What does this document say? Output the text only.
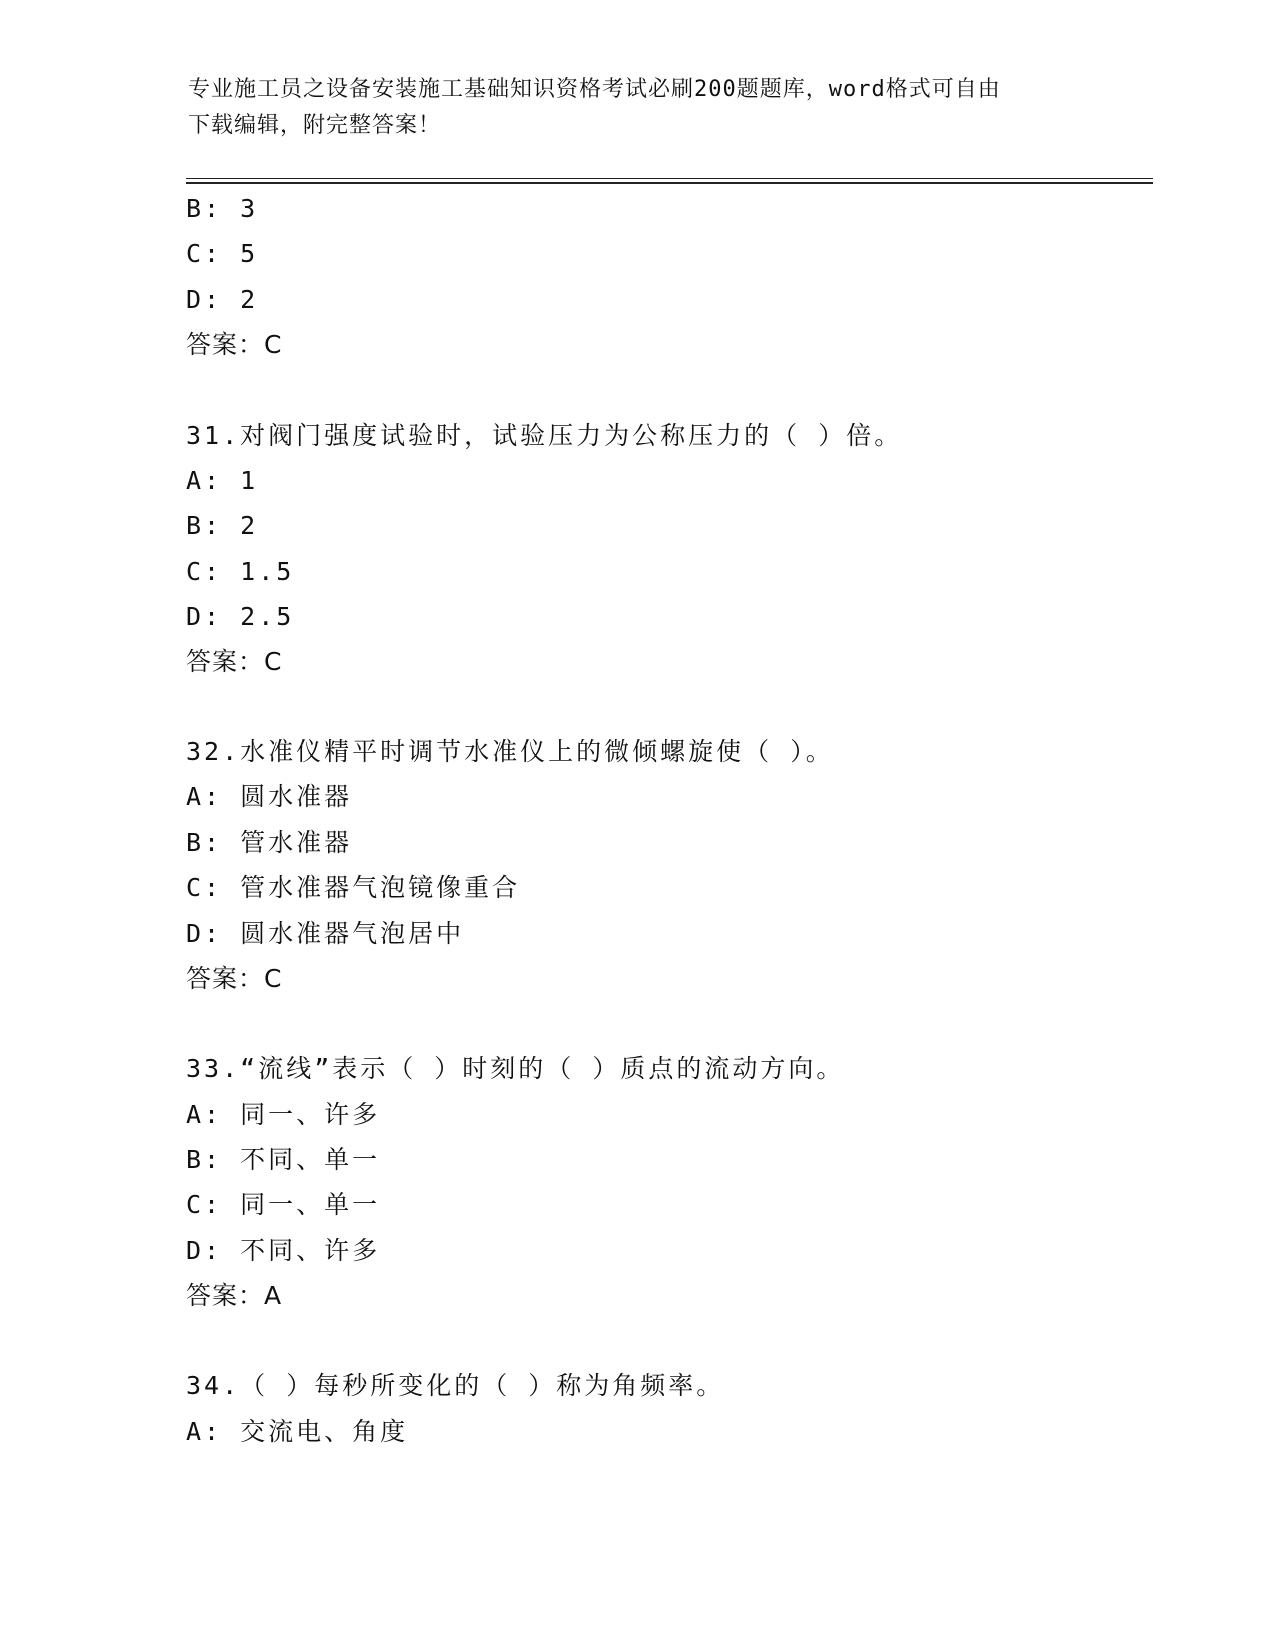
专业施工员之设备安装施工基础知识资格考试必刷200题题库，word格式可自由
下载编辑，附完整答案！
B: 3
C: 5
D: 2
答案：C
31.对阀门强度试验时，试验压力为公称压力的（ ）倍。
A: 1
B: 2
C: 1.5
D: 2.5
答案：C
32.水准仪精平时调节水准仪上的微倾螺旋使（ ）。
A: 圆水准器
B: 管水准器
C: 管水准器气泡镜像重合
D: 圆水准器气泡居中
答案：C
33.“流线”表示（ ）时刻的（ ）质点的流动方向。
A: 同一、许多
B: 不同、单一
C: 同一、单一
D: 不同、许多
答案：A
34.（ ）每秒所变化的（ ）称为角频率。
A: 交流电、角度
